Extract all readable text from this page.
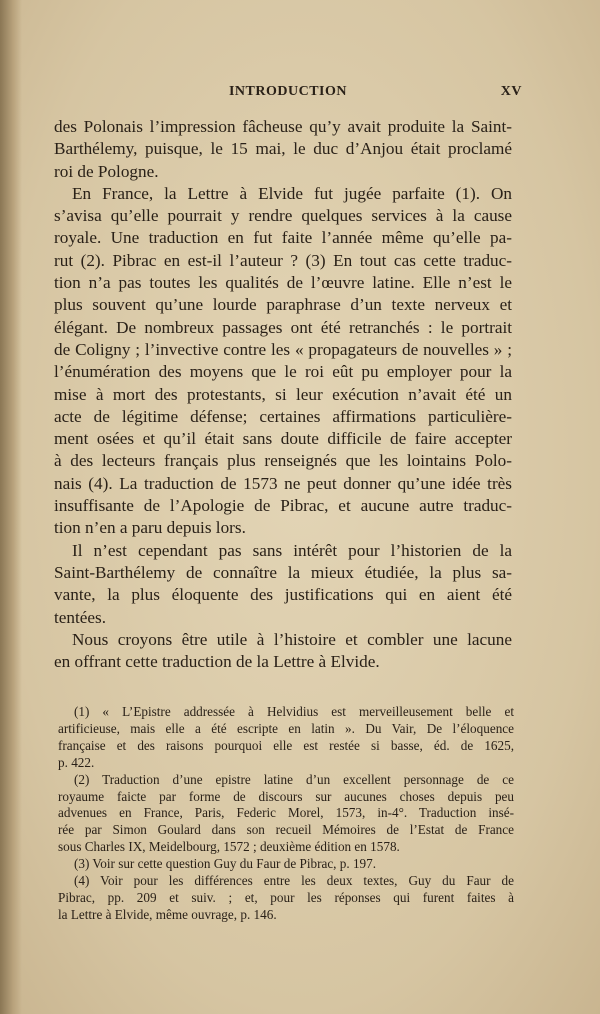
INTRODUCTION	XV
des Polonais l’impression fâcheuse qu’y avait produite la Saint-
Barthélemy, puisque, le 15 mai, le duc d’Anjou était proclamé
roi de Pologne.
En France, la Lettre à Elvide fut jugée parfaite (1). On
s’avisa qu’elle pourrait y rendre quelques services à la cause
royale. Une traduction en fut faite l’année même qu’elle pa-
rut (2). Pibrac en est-il l’auteur ? (3) En tout cas cette traduc-
tion n’a pas toutes les qualités de l’œuvre latine. Elle n’est le
plus souvent qu’une lourde paraphrase d’un texte nerveux et
élégant. De nombreux passages ont été retranchés : le portrait
de Coligny ; l’invective contre les « propagateurs de nouvelles » ;
l’énumération des moyens que le roi eût pu employer pour la
mise à mort des protestants, si leur exécution n’avait été un
acte de légitime défense; certaines affirmations particulière-
ment osées et qu’il était sans doute difficile de faire accepter
à des lecteurs français plus renseignés que les lointains Polo-
nais (4). La traduction de 1573 ne peut donner qu’une idée très
insuffisante de l’Apologie de Pibrac, et aucune autre traduc-
tion n’en a paru depuis lors.
Il n’est cependant pas sans intérêt pour l’historien de la
Saint-Barthélemy de connaître la mieux étudiée, la plus sa-
vante, la plus éloquente des justifications qui en aient été
tentées.
Nous croyons être utile à l’histoire et combler une lacune
en offrant cette traduction de la Lettre à Elvide.
(1) « L’Epistre addressée à Helvidius est merveilleusement belle et
artificieuse, mais elle a été escripte en latin ». Du Vair, De l’éloquence
française et des raisons pourquoi elle est restée si basse, éd. de 1625,
p. 422.
(2) Traduction d’une epistre latine d’un excellent personnage de ce
royaume faicte par forme de discours sur aucunes choses depuis peu
advenues en France, Paris, Federic Morel, 1573, in-4°. Traduction insé-
rée par Simon Goulard dans son recueil Mémoires de l’Estat de France
sous Charles IX, Meidelbourg, 1572 ; deuxième édition en 1578.
(3) Voir sur cette question Guy du Faur de Pibrac, p. 197.
(4) Voir pour les différences entre les deux textes, Guy du Faur de
Pibrac, pp. 209 et suiv. ; et, pour les réponses qui furent faites à
la Lettre à Elvide, même ouvrage, p. 146.
